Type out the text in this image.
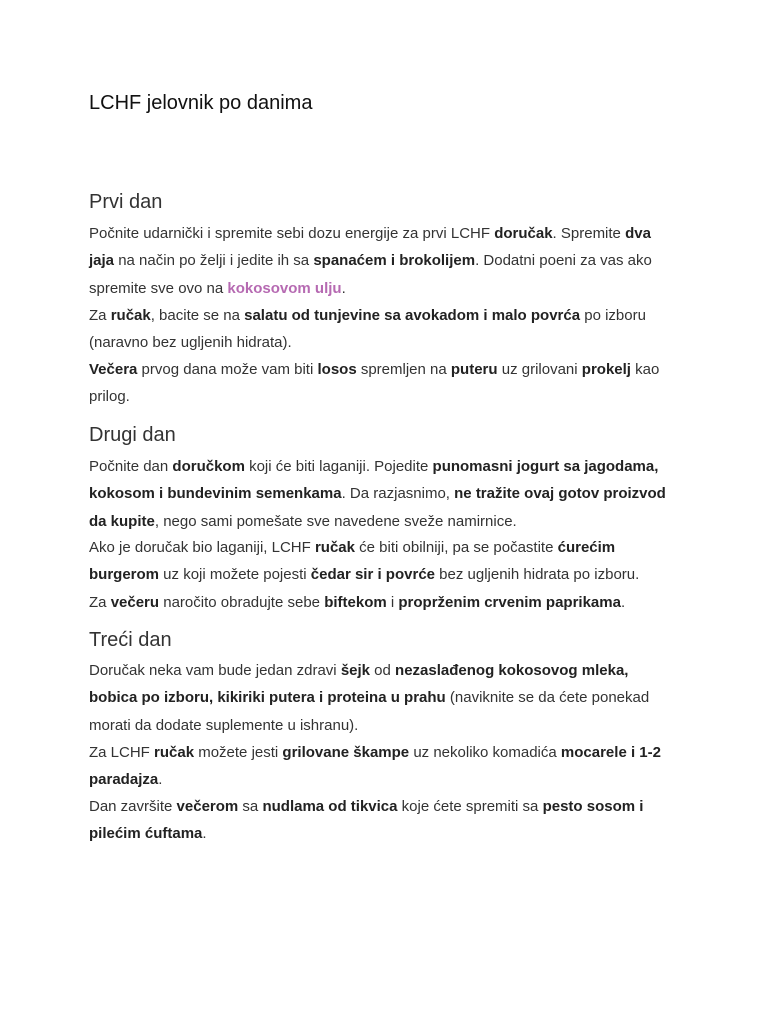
LCHF jelovnik po danima
Prvi dan

Počnite udarnički i spremite sebi dozu energije za prvi LCHF doručak. Spremite dva jaja na način po želji i jedite ih sa spanaćem i brokolijem. Dodatni poeni za vas ako spremite sve ovo na kokosovom ulju.

Za ručak, bacite se na salatu od tunjevine sa avokadom i malo povrća po izboru (naravno bez ugljenih hidrata).

Večera prvog dana može vam biti losos spremljen na puteru uz grilovani prokelj kao prilog.

Drugi dan

Počnite dan doručkom koji će biti laganiji. Pojedite punomasni jogurt sa jagodama, kokosom i bundevinim semenkama. Da razjasnimo, ne tražite ovaj gotov proizvod da kupite, nego sami pomešate sve navedene sveže namirnice.

Ako je doručak bio laganiji, LCHF ručak će biti obilniji, pa se počastite ćurećim burgerom uz koji možete pojesti čedar sir i povrće bez ugljenih hidrata po izboru.

Za večeru naročito obradujte sebe biftekom i proprženim crvenim paprikama.

Treći dan

Doručak neka vam bude jedan zdravi šejk od nezaslađenog kokosovog mleka, bobica po izboru, kikiriki putera i proteina u prahu (naviknite se da ćete ponekad morati da dodate suplemente u ishranu).

Za LCHF ručak možete jesti grilovane škampe uz nekoliko komadića mocarele i 1-2 paradajza.

Dan završite večerom sa nudlama od tikvica koje ćete spremiti sa pesto sosom i pilećim ćuftama.
